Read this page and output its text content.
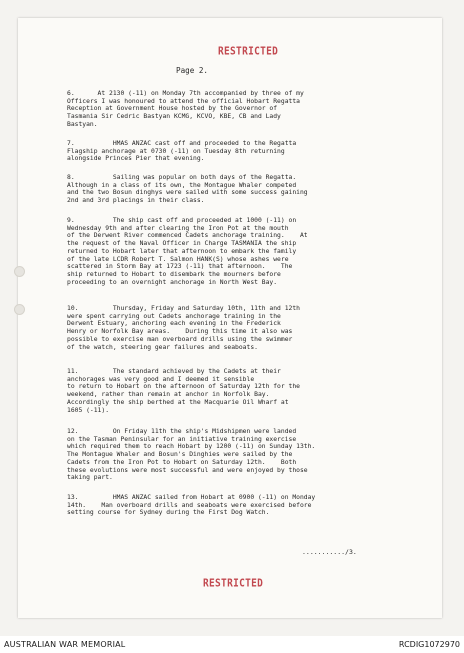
RESTRICTED
Page 2.
6.      At 2130 (-11) on Monday 7th accompanied by three of my
Officers I was honoured to attend the official Hobart Regatta
Reception at Government House hosted by the Governor of
Tasmania Sir Cedric Bastyan KCMG, KCVO, KBE, CB and Lady
Bastyan.
7.          HMAS ANZAC cast off and proceeded to the Regatta
Flagship anchorage at 0730 (-11) on Tuesday 8th returning
alongside Princes Pier that evening.
8.          Sailing was popular on both days of the Regatta.
Although in a class of its own, the Montague Whaler competed
and the two Bosun dinghys were sailed with some success gaining
2nd and 3rd placings in their class.
9.          The ship cast off and proceeded at 1000 (-11) on
Wednesday 9th and after clearing the Iron Pot at the mouth
of the Derwent River commenced Cadets anchorage training.    At
the request of the Naval Officer in Charge TASMANIA the ship
returned to Hobart later that afternoon to embark the family
of the late LCDR Robert T. Salmon HANK(S) whose ashes were
scattered in Storm Bay at 1723 (-11) that afternoon.    The
ship returned to Hobart to disembark the mourners before
proceeding to an overnight anchorage in North West Bay.
10.         Thursday, Friday and Saturday 10th, 11th and 12th
were spent carrying out Cadets anchorage training in the
Derwent Estuary, anchoring each evening in the Frederick
Henry or Norfolk Bay areas.    During this time it also was
possible to exercise man overboard drills using the swimmer
of the watch, steering gear failures and seaboats.
11.         The standard achieved by the Cadets at their
anchorages was very good and I deemed it sensible
to return to Hobart on the afternoon of Saturday 12th for the
weekend, rather than remain at anchor in Norfolk Bay.
Accordingly the ship berthed at the Macquarie Oil Wharf at
1605 (-11).
12.         On Friday 11th the ship's Midshipmen were landed
on the Tasman Peninsular for an initiative training exercise
which required them to reach Hobart by 1200 (-11) on Sunday 13th.
The Montague Whaler and Bosun's Dinghies were sailed by the
Cadets from the Iron Pot to Hobart on Saturday 12th.    Both
these evolutions were most successful and were enjoyed by those
taking part.
13.         HMAS ANZAC sailed from Hobart at 0900 (-11) on Monday
14th.    Man overboard drills and seaboats were exercised before
setting course for Sydney during the First Dog Watch.
.........../3.
RESTRICTED
AUSTRALIAN WAR MEMORIAL	RCDIG1072970
